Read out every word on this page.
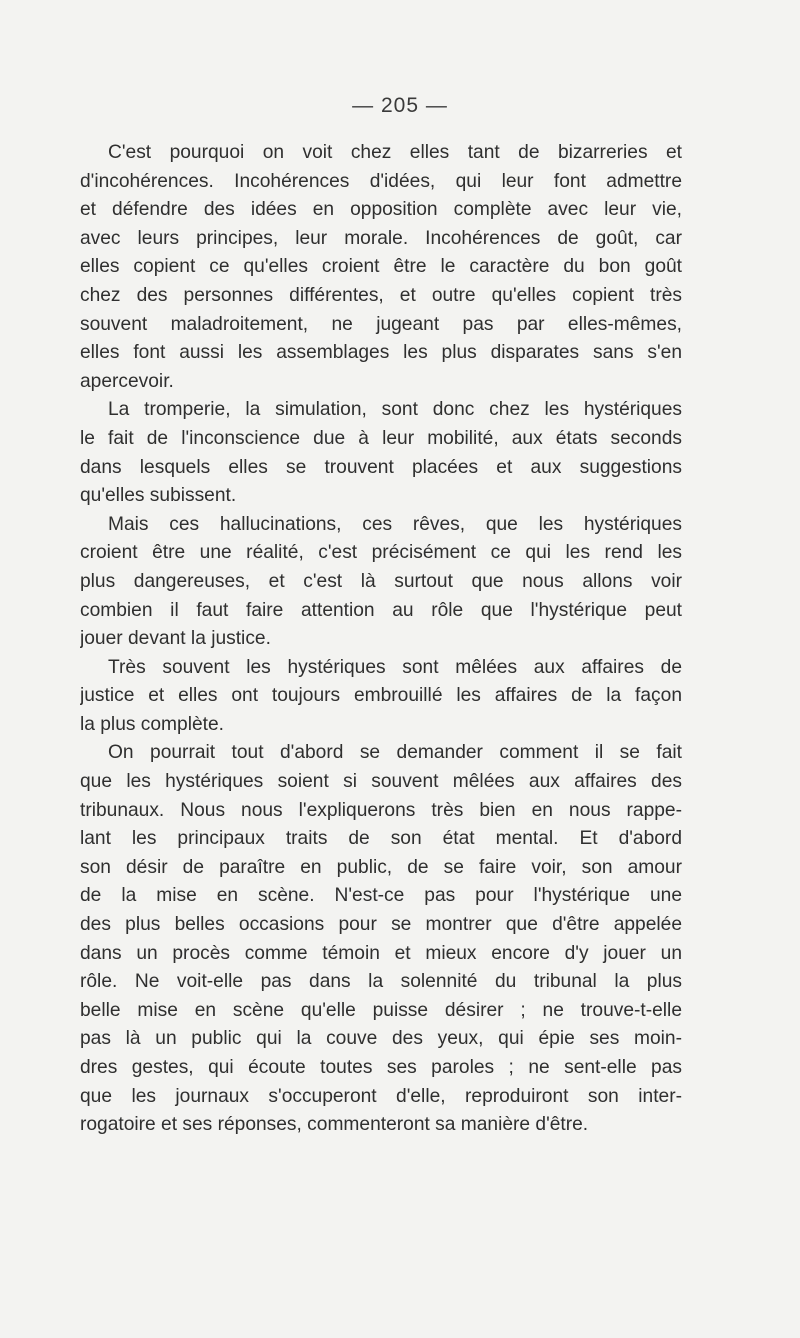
— 205 —
C'est pourquoi on voit chez elles tant de bizarreries et
d'incohérences. Incohérences d'idées, qui leur font admettre
et défendre des idées en opposition complète avec leur vie,
avec leurs principes, leur morale. Incohérences de goût, car
elles copient ce qu'elles croient être le caractère du bon goût
chez des personnes différentes, et outre qu'elles copient très
souvent maladroitement, ne jugeant pas par elles-mêmes,
elles font aussi les assemblages les plus disparates sans s'en
apercevoir.
La tromperie, la simulation, sont donc chez les hystériques
le fait de l'inconscience due à leur mobilité, aux états seconds
dans lesquels elles se trouvent placées et aux suggestions
qu'elles subissent.
Mais ces hallucinations, ces rêves, que les hystériques
croient être une réalité, c'est précisément ce qui les rend les
plus dangereuses, et c'est là surtout que nous allons voir
combien il faut faire attention au rôle que l'hystérique peut
jouer devant la justice.
Très souvent les hystériques sont mêlées aux affaires de
justice et elles ont toujours embrouillé les affaires de la façon
la plus complète.
On pourrait tout d'abord se demander comment il se fait
que les hystériques soient si souvent mêlées aux affaires des
tribunaux. Nous nous l'expliquerons très bien en nous rappe-
lant les principaux traits de son état mental. Et d'abord
son désir de paraître en public, de se faire voir, son amour
de la mise en scène. N'est-ce pas pour l'hystérique une
des plus belles occasions pour se montrer que d'être appelée
dans un procès comme témoin et mieux encore d'y jouer un
rôle. Ne voit-elle pas dans la solennité du tribunal la plus
belle mise en scène qu'elle puisse désirer ; ne trouve-t-elle
pas là un public qui la couve des yeux, qui épie ses moin-
dres gestes, qui écoute toutes ses paroles ; ne sent-elle pas
que les journaux s'occuperont d'elle, reproduiront son inter-
rogatoire et ses réponses, commenteront sa manière d'être.
